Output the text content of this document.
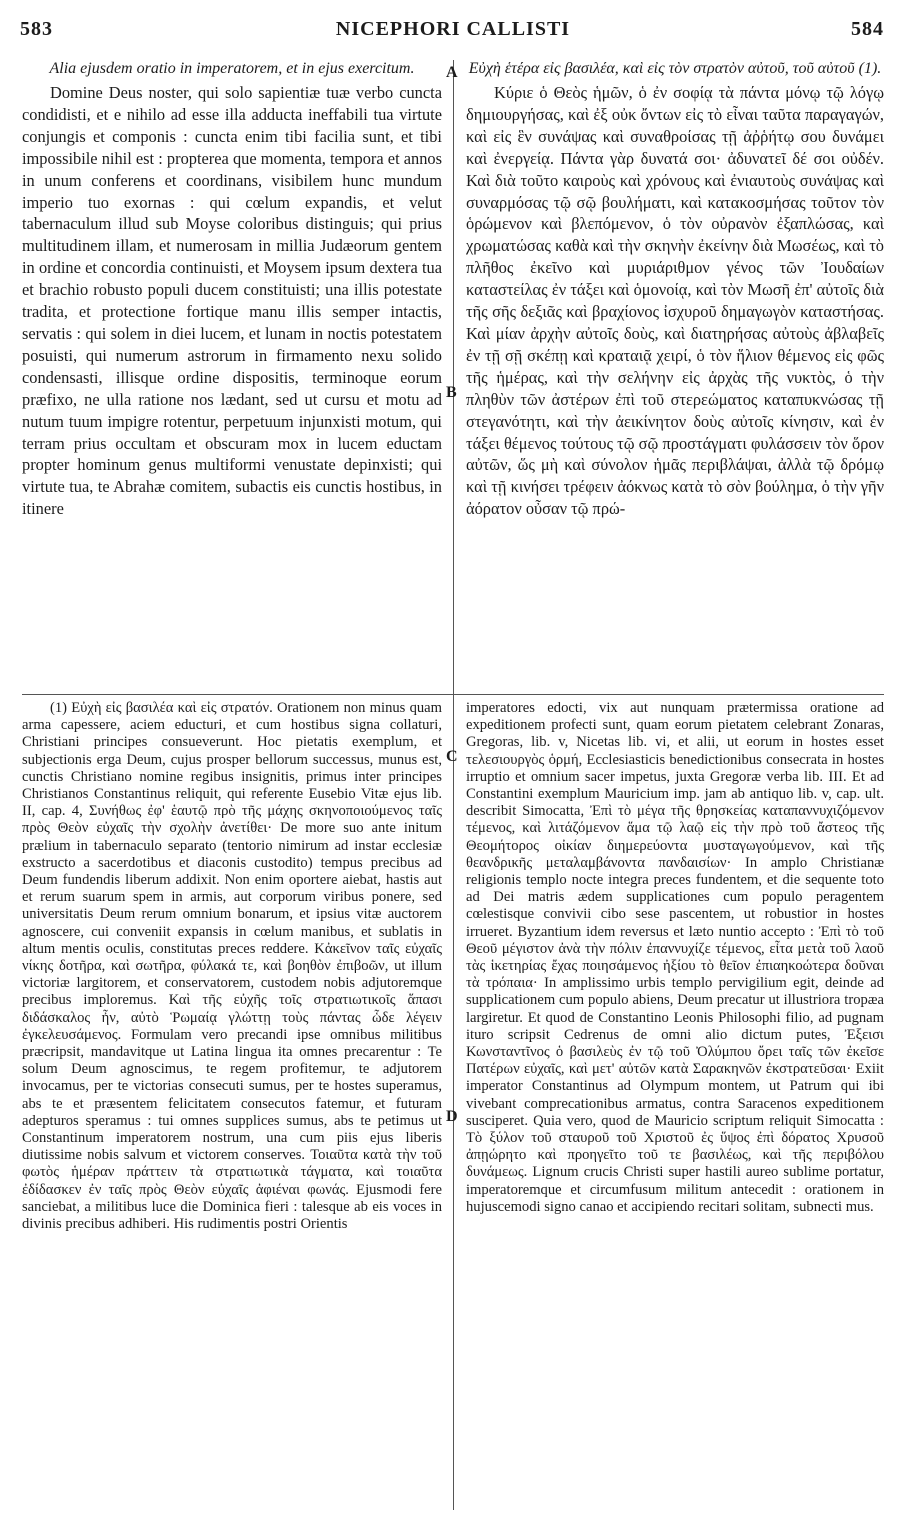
583	NICEPHORI CALLISTI	584

Alia ejusdem oratio in imperatorem, et in ejus exercitum.

Domine Deus noster, qui solo sapientiæ tuæ verbo cuncta condidisti, et e nihilo ad esse illa adducta ineffabili tua virtute conjungis et componis : cuncta enim tibi facilia sunt, et tibi impossibile nihil est : propterea que momenta, tempora et annos in unum conferens et coordinans, visibilem hunc mundum imperio tuo exornas : qui cœlum expandis, et velut tabernaculum illud sub Moyse coloribus distinguis; qui prius multitudinem illam, et numerosam in millia Judæorum gentem in ordine et concordia continuisti, et Moysem ipsum dextera tua et brachio robusto populi ducem constituisti; una illis potestate tradita, et protectione fortique manu illis semper intactis, servatis : qui solem in diei lucem, et lunam in noctis potestatem posuisti, qui numerum astrorum in firmamento nexu solido condensasti, illisque ordine dispositis, terminoque eorum præfixo, ne ulla ratione nos lædant, sed ut cursu et motu ad nutum tuum impigre rotentur, perpetuum injunxisti motum, qui terram prius occultam et obscuram mox in lucem eductam propter hominum genus multiformi venustate depinxisti; qui virtute tua, te Abrahæ comitem, subactis eis cunctis hostibus, in itinere

Εὐχὴ ἑτέρα εἰς βασιλέα, καὶ εἰς τὸν στρατὸν αὐτοῦ, τοῦ αὐτοῦ (1).

Κύριε ὁ Θεὸς ἡμῶν, ὁ ἐν σοφίᾳ τὰ πάντα μόνῳ τῷ λόγῳ δημιουργήσας, καὶ ἐξ οὐκ ὄντων εἰς τὸ εἶναι ταῦτα παραγαγών, καὶ εἰς ἓν συνάψας καὶ συναθροίσας τῇ ἀῤῥήτῳ σου δυνάμει καὶ ἐνεργείᾳ. Πάντα γὰρ δυνατά σοι· ἀδυνατεῖ δέ σοι οὐδέν. Καὶ διὰ τοῦτο καιροὺς καὶ χρόνους καὶ ἐνιαυτοὺς συνάψας καὶ συναρμόσας τῷ σῷ βουλήματι, καὶ κατακοσμήσας τοῦτον τὸν ὁρώμενον καὶ βλεπόμενον, ὁ τὸν οὐρανὸν ἐξαπλώσας, καὶ χρωματώσας καθὰ καὶ τὴν σκηνὴν ἐκείνην διὰ Μωσέως, καὶ τὸ πλῆθος ἐκεῖνο καὶ μυριάριθμον γένος τῶν Ἰουδαίων καταστείλας ἐν τάξει καὶ ὁμονοίᾳ, καὶ τὸν Μωσῆ ἐπ' αὐτοῖς διὰ τῆς σῆς δεξιᾶς καὶ βραχίονος ἰσχυροῦ δημαγωγὸν καταστήσας. Καὶ μίαν ἀρχὴν αὐτοῖς δοὺς, καὶ διατηρήσας αὐτοὺς ἀβλαβεῖς ἐν τῇ σῇ σκέπῃ καὶ κραταιᾷ χειρί, ὁ τὸν ἥλιον θέμενος εἰς φῶς τῆς ἡμέρας, καὶ τὴν σελήνην εἰς ἀρχὰς τῆς νυκτὸς, ὁ τὴν πληθὺν τῶν ἀστέρων ἐπὶ τοῦ στερεώματος καταπυκνώσας τῇ στεγανότητι, καὶ τὴν ἀεικίνητον δοὺς αὐτοῖς κίνησιν, καὶ ἐν τάξει θέμενος τούτους τῷ σῷ προστάγματι φυλάσσειν τὸν ὅρον αὐτῶν, ὥς μὴ καὶ σύνολον ἡμᾶς περιβλάψαι, ἀλλὰ τῷ δρόμῳ καὶ τῇ κινήσει τρέφειν ἀόκνως κατὰ τὸ σὸν βούλημα, ὁ τὴν γῆν ἀόρατον οὖσαν τῷ πρώ-

(1) Εὐχὴ εἰς βασιλέα καὶ εἰς στρατόν. Orationem non minus quam arma capessere, aciem educturi, et cum hostibus signa collaturi, Christiani principes consueverunt. Hoc pietatis exemplum, et subjectionis erga Deum, cujus prosper bellorum successus, munus est, cunctis Christiano nomine regibus insignitis, primus inter principes Christianos Constantinus reliquit, qui referente Eusebio Vitæ ejus lib. II, cap. 4, Συνήθως ἐφ' ἑαυτῷ πρὸ τῆς μάχης σκηνοποιούμενος ταῖς πρὸς Θεὸν εὐχαῖς τὴν σχολὴν ἀνετίθει· De more suo ante initum prælium in tabernaculo separato (tentorio nimirum ad instar ecclesiæ exstructo a sacerdotibus et diaconis custodito) tempus precibus ad Deum fundendis liberum addixit. Non enim oportere aiebat, hastis aut et rerum suarum spem in armis, aut corporum viribus ponere, sed universitatis Deum rerum omnium bonarum, et ipsius vitæ auctorem agnoscere, cui conveniit expansis in cœlum manibus, et sublatis in altum mentis oculis, constitutas preces reddere. Κἀκεῖνον ταῖς εὐχαῖς νίκης δοτῆρα, καὶ σωτῆρα, φύλακά τε, καὶ βοηθὸν ἐπιβοῶν, ut illum victoriæ largitorem, et conservatorem, custodem nobis adjutoremque precibus imploremus. Καὶ τῆς εὐχῆς τοῖς στρατιωτικοῖς ἅπασι διδάσκαλος ἦν, αὐτὸ Ῥωμαίᾳ γλώττῃ τοὺς πάντας ὧδε λέγειν ἐγκελευσάμενος. Formulam vero precandi ipse omnibus militibus præcripsit, mandavitque ut Latina lingua ita omnes precarentur : Te solum Deum agnoscimus, te regem profitemur, te adjutorem invocamus, per te victorias consecuti sumus, per te hostes superamus, abs te et præsentem felicitatem consecutos fatemur, et futuram adepturos speramus : tui omnes supplices sumus, abs te petimus ut Constantinum imperatorem nostrum, una cum piis ejus liberis diutissime nobis salvum et victorem conserves. Τοιαῦτα κατὰ τὴν τοῦ φωτὸς ἡμέραν πράττειν τὰ στρατιωτικὰ τάγματα, καὶ τοιαῦτα ἐδίδασκεν ἐν ταῖς πρὸς Θεὸν εὐχαῖς ἀφιέναι φωνάς. Ejusmodi fere sanciebat, a militibus luce die Dominica fieri : talesque ab eis voces in divinis precibus adhiberi. His rudimentis postri Orientis

imperatores edocti, vix aut nunquam prætermissa oratione ad expeditionem profecti sunt, quam eorum pietatem celebrant Zonaras, Gregoras, lib. v, Nicetas lib. vi, et alii, ut eorum in hostes esset τελεσιουργὸς ὁρμή, Ecclesiasticis benedictionibus consecrata in hostes irruptio et omnium sacer impetus, juxta Gregoræ verba lib. III. Et ad Constantini exemplum Mauricium imp. jam ab antiquo lib. v, cap. ult. describit Simocatta, Ἐπὶ τὸ μέγα τῆς θρησκείας καταπαννυχιζόμενον τέμενος, καὶ λιτάζόμενον ἅμα τῷ λαῷ εἰς τὴν πρὸ τοῦ ἄστεος τῆς Θεομήτορος οἰκίαν διημερεύοντα μυσταγωγούμενον, καὶ τῆς θεανδρικῆς μεταλαμβάνοντα πανδαισίων· In amplo Christianæ religionis templo nocte integra preces fundentem, et die sequente toto ad Dei matris ædem supplicationes cum populo peragentem cœlestisque convivii cibo sese pascentem, ut robustior in hostes irrueret. Byzantium idem reversus et læto nuntio accepto : Ἐπὶ τὸ τοῦ Θεοῦ μέγιστον ἀνὰ τὴν πόλιν ἐπαννυχίζε τέμενος, εἶτα μετὰ τοῦ λαοῦ τὰς ἱκετηρίας ἔχας ποιησάμενος ἠξίου τὸ θεῖον ἐπιαηκοώτερα δοῦναι τὰ τρόπαια· In amplissimo urbis templo pervigilium egit, deinde ad supplicationem cum populo abiens, Deum precatur ut illustriora tropæa largiretur. Et quod de Constantino Leonis Philosophi filio, ad pugnam ituro scripsit Cedrenus de omni alio dictum putes, Ἐξεισι Κωνσταντῖνος ὁ βασιλεὺς ἐν τῷ τοῦ Ὀλύμπου ὄρει ταῖς τῶν ἐκεῖσε Πατέρων εὐχαῖς, καὶ μετ' αὐτῶν κατὰ Σαρακηνῶν ἐκστρατεῦσαι· Exiit imperator Constantinus ad Olympum montem, ut Patrum qui ibi vivebant comprecationibus armatus, contra Saracenos expeditionem susciperet. Quia vero, quod de Mauricio scriptum reliquit Simocatta : Τὸ ξύλον τοῦ σταυροῦ τοῦ Χριστοῦ ἐς ὕψος ἐπὶ δόρατος Χρυσοῦ ἀπῃώρητο καὶ προηγεῖτο τοῦ τε βασιλέως, καὶ τῆς περιβόλου δυνάμεως. Lignum crucis Christi super hastili aureo sublime portatur, imperatoremque et circumfusum militum antecedit : orationem in hujuscemodi signo canao et accipiendo recitari solitam, subnecti mus.

A
B
C
D
